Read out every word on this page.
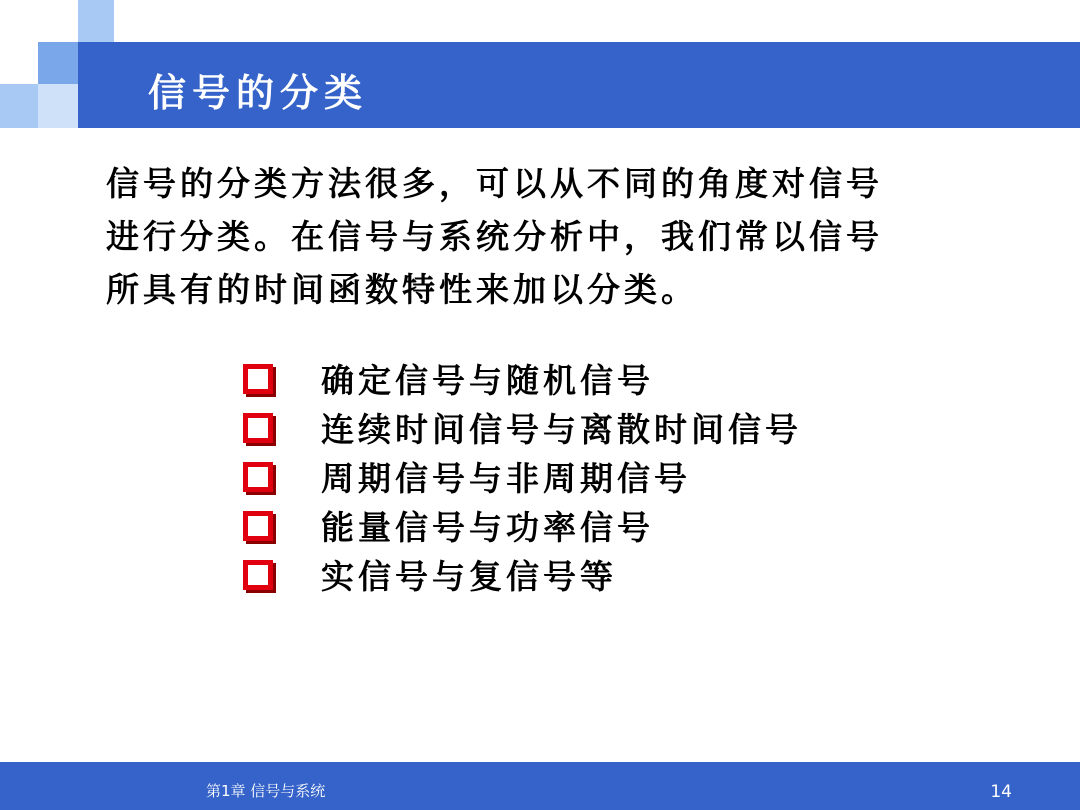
信号的分类
信号的分类方法很多，可以从不同的角度对信号
进行分类。在信号与系统分析中，我们常以信号
所具有的时间函数特性来加以分类。
确定信号与随机信号
连续时间信号与离散时间信号
周期信号与非周期信号
能量信号与功率信号
实信号与复信号等
第1章 信号与系统	14
